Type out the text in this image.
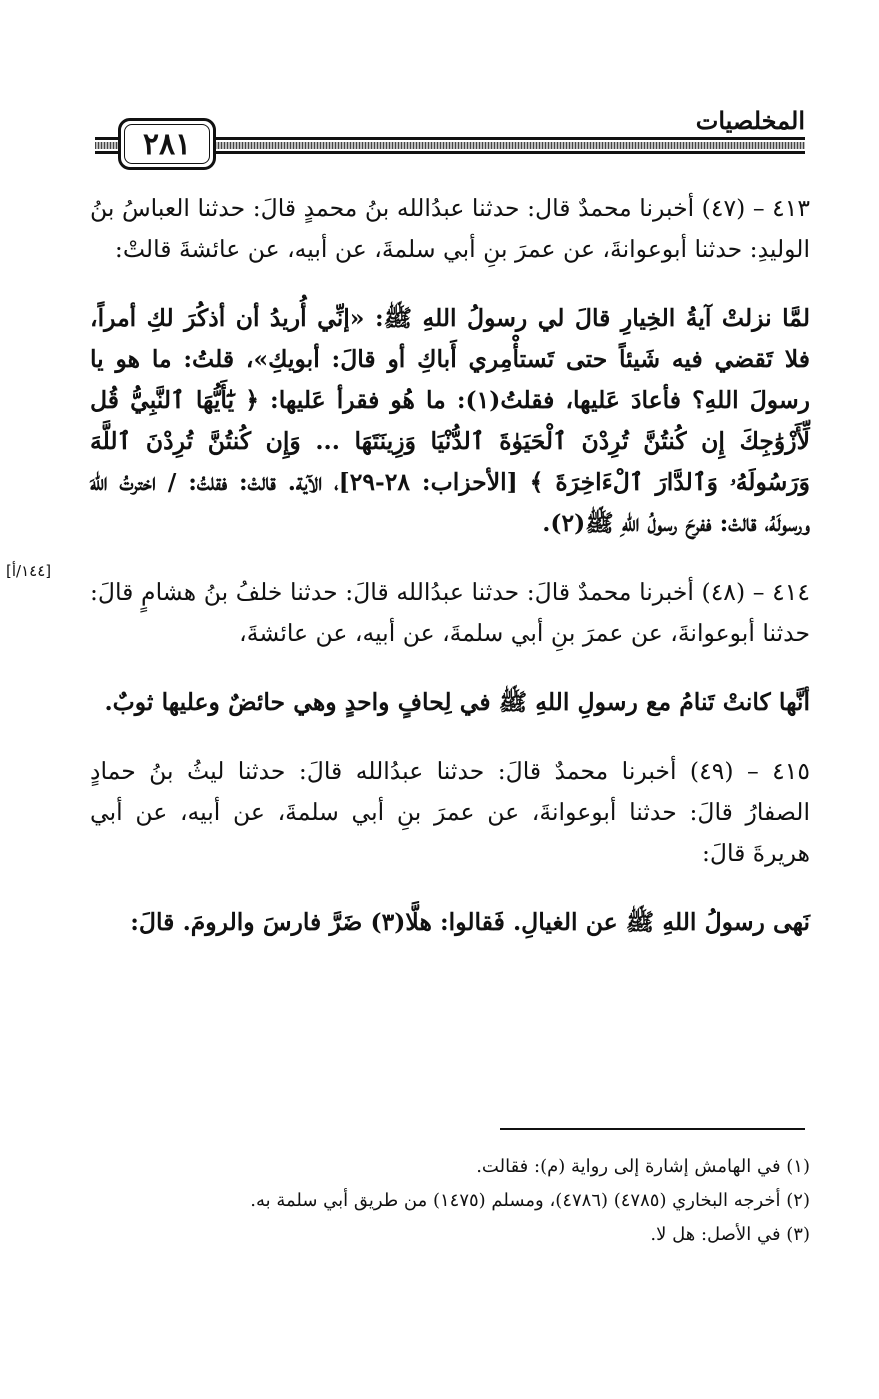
٢٨١
المخلصيات

٤١٣ – (٤٧) أخبرنا محمدٌ قال: حدثنا عبدُالله بنُ محمدٍ قالَ: حدثنا العباسُ بنُ الوليدِ: حدثنا أبوعوانةَ، عن عمرَ بنِ أبي سلمةَ، عن أبيه، عن عائشةَ قالتْ:

لمَّا نزلتْ آيةُ الخِيارِ قالَ لي رسولُ اللهِ ﷺ: «إنِّي أُريدُ أن أذكُرَ لكِ أمراً، فلا تَقضي فيه شَيئاً حتى تَستأْمِري أَباكِ أو قالَ: أبويكِ»، قلتُ: ما هو يا رسولَ اللهِ؟ فأعادَ عَليها، فقلتُ(١): ما هُو فقرأ عَليها: ﴿ يَٰٓأَيُّهَا ٱلنَّبِيُّ قُل لِّأَزْوَٰجِكَ إِن كُنتُنَّ تُرِدْنَ ٱلْحَيَوٰةَ ٱلدُّنْيَا وَزِينَتَهَا ... وَإِن كُنتُنَّ تُرِدْنَ ٱللَّهَ وَرَسُولَهُۥ وَٱلدَّارَ ٱلْءَاخِرَةَ ﴾ [الأحزاب: ٢٨-٢٩]، الآية. قالتْ: فقلتُ: / اخترتُ اللهَ ورسولَهُ، قالتْ: ففرحَ رسولُ اللهِ ﷺ(٢).

٤١٤ – (٤٨) أخبرنا محمدٌ قالَ: حدثنا عبدُالله قالَ: حدثنا خلفُ بنُ هشامٍ قالَ: حدثنا أبوعوانةَ، عن عمرَ بنِ أبي سلمةَ، عن أبيه، عن عائشةَ،

أنَّها كانتْ تَنامُ مع رسولِ اللهِ ﷺ في لِحافٍ واحدٍ وهي حائضٌ وعليها ثوبٌ.

٤١٥ – (٤٩) أخبرنا محمدٌ قالَ: حدثنا عبدُالله قالَ: حدثنا ليثُ بنُ حمادٍ الصفارُ قالَ: حدثنا أبوعوانةَ، عن عمرَ بنِ أبي سلمةَ، عن أبيه، عن أبي هريرةَ قالَ:

نَهى رسولُ اللهِ ﷺ عن الغيالِ. فَقالوا: هلَّا(٣) ضَرَّ فارسَ والرومَ. قالَ:

[١٤٤/أ]

(١) في الهامش إشارة إلى رواية (م): فقالت.

(٢) أخرجه البخاري (٤٧٨٥) (٤٧٨٦)، ومسلم (١٤٧٥) من طريق أبي سلمة به.

(٣) في الأصل: هل لا.
